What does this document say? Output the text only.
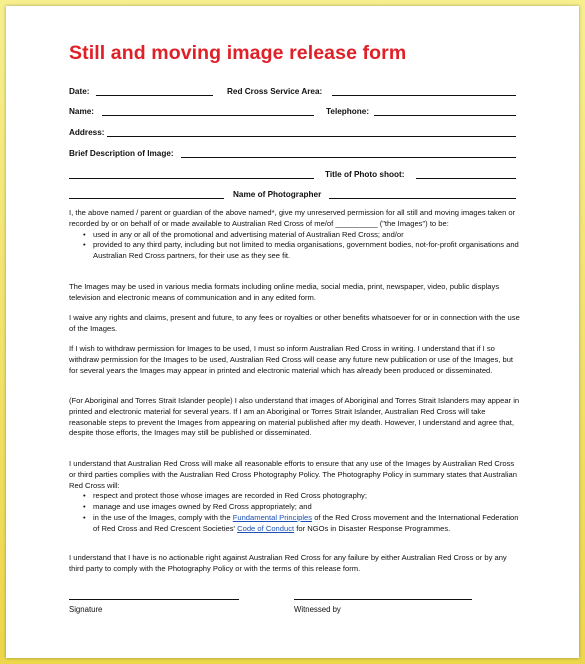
Still and moving image release form
Date:	Red Cross Service Area:
Name:	Telephone:
Address:
Brief Description of Image:
Title of Photo shoot:
Name of Photographer

I, the above named / parent or guardian of the above named*, give my unreserved permission for all still and moving images taken or recorded by or on behalf of or made available to Australian Red Cross of me/of __________ ("the Images") to be:

• used in any or all of the promotional and advertising material of Australian Red Cross; and/or
• provided to any third party, including but not limited to media organisations, government bodies, not-for-profit organisations and Australian Red Cross partners, for their use as they see fit.
The Images may be used in various media formats including online media, social media, print, newspaper, video, public displays television and electronic means of communication and in any edited form.
I waive any rights and claims, present and future, to any fees or royalties or other benefits whatsoever for or in connection with the use of the Images.
If I wish to withdraw permission for Images to be used, I must so inform Australian Red Cross in writing. I understand that if I so withdraw permission for the Images to be used, Australian Red Cross will cease any future new publication or use of the Images, but for several years the Images may appear in printed and electronic material which has already been produced or disseminated.
(For Aboriginal and Torres Strait Islander people) I also understand that images of Aboriginal and Torres Strait Islanders may appear in printed and electronic material for several years. If I am an Aboriginal or Torres Strait Islander, Australian Red Cross will take reasonable steps to prevent the Images from appearing on material published after my death. However, I understand and agree that, despite those efforts, the Images may still be published or disseminated.

I understand that Australian Red Cross will make all reasonable efforts to ensure that any use of the Images by Australian Red Cross or third parties complies with the Australian Red Cross Photography Policy. The Photography Policy in summary states that Australian Red Cross will:

• respect and protect those whose images are recorded in Red Cross photography;
• manage and use images owned by Red Cross appropriately; and
• in the use of the Images, comply with the Fundamental Principles of the Red Cross movement and the International Federation of Red Cross and Red Crescent Societies' Code of Conduct for NGOs in Disaster Response Programmes.
I understand that I have is no actionable right against Australian Red Cross for any failure by either Australian Red Cross or by any third party to comply with the Photography Policy or with the terms of this release form.
Signature	Witnessed by
